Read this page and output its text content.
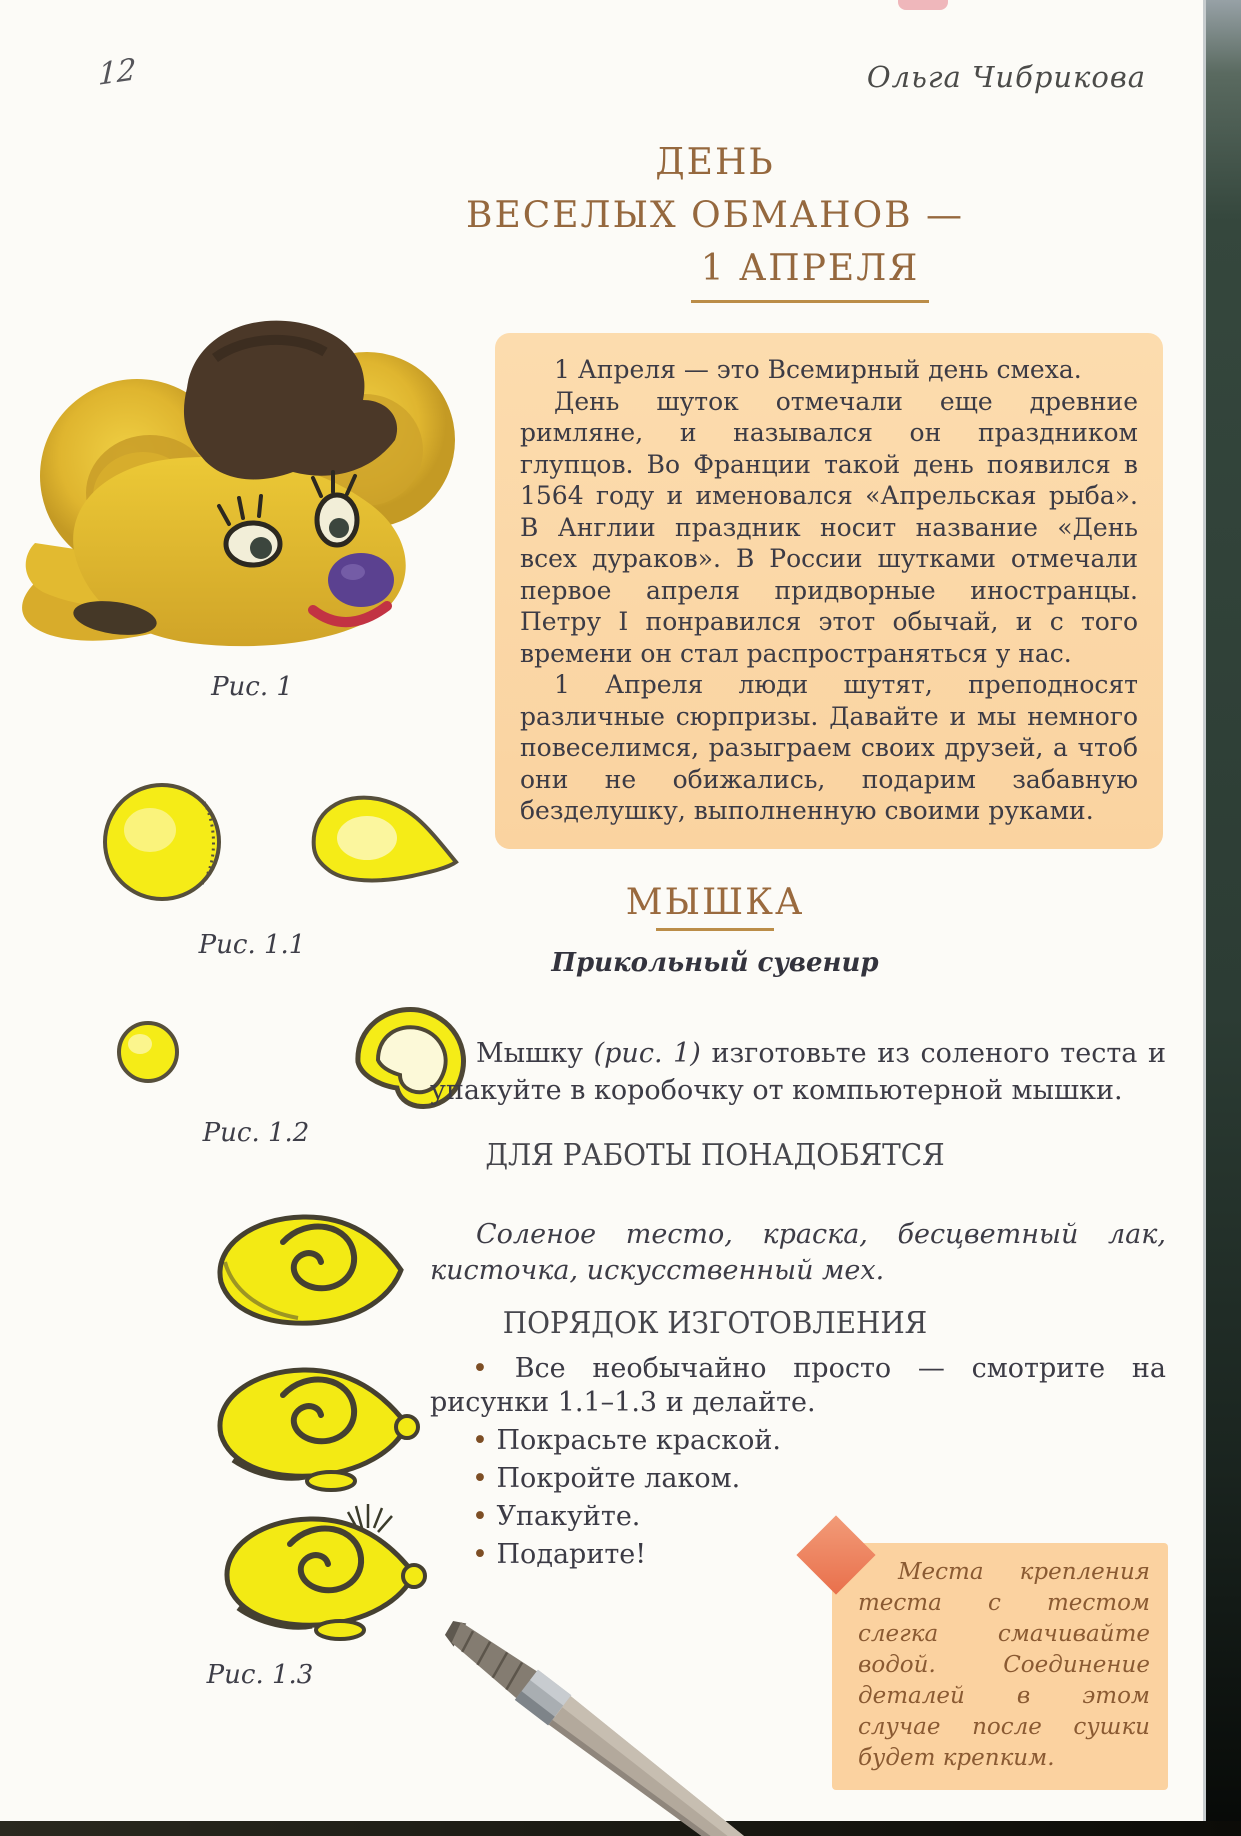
12	Ольга Чибрикова
ДЕНЬ
ВЕСЕЛЫХ ОБМАНОВ —
1 АПРЕЛЯ

1 Апреля — это Всемирный день смеха.

День шуток отмечали еще древние римляне, и назывался он праздником глупцов. Во Франции такой день появился в 1564 году и именовался «Апрельская рыба». В Англии праздник носит название «День всех дураков». В России шутками отмечали первое апреля придворные иностранцы. Петру I понравился этот обычай, и с того времени он стал распространяться у нас.

1 Апреля люди шутят, преподносят различные сюрпризы. Давайте и мы немного повеселимся, разыграем своих друзей, а чтоб они не обижались, подарим забавную безделушку, выполненную своими руками.

Рис. 1
Рис. 1.1
Рис. 1.2
Рис. 1.3
МЫШКА
Прикольный сувенир

Мышку (рис. 1) изготовьте из соленого теста и упакуйте в коробочку от компьютерной мышки.

ДЛЯ РАБОТЫ ПОНАДОБЯТСЯ

Соленое тесто, краска, бесцветный лак, кисточка, искусственный мех.

ПОРЯДОК ИЗГОТОВЛЕНИЯ
• Все необычайно просто — смотрите на рисунки 1.1–1.3 и делайте.
• Покрасьте краской.
• Покройте лаком.
• Упакуйте.
• Подарите!

Места крепления теста с тестом слегка смачивайте водой. Соединение деталей в этом случае после сушки будет крепким.
